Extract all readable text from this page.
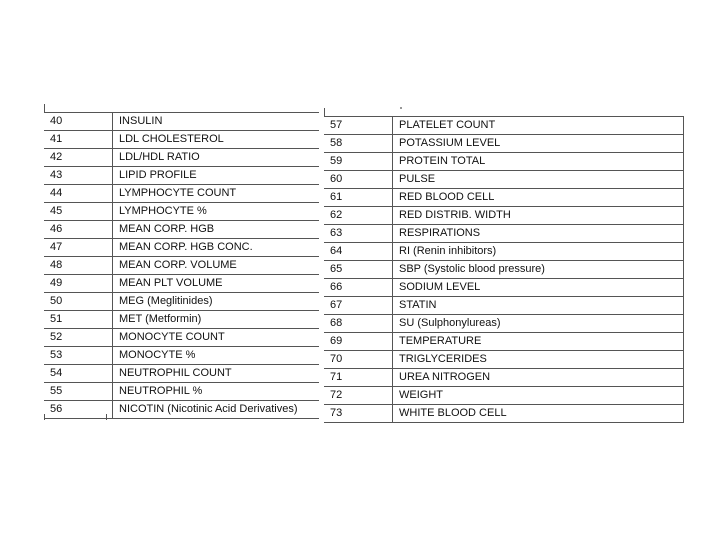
40	INSULIN
41	LDL CHOLESTEROL
42	LDL/HDL RATIO
43	LIPID PROFILE
44	LYMPHOCYTE COUNT
45	LYMPHOCYTE %
46	MEAN CORP. HGB
47	MEAN CORP. HGB CONC.
48	MEAN CORP. VOLUME
49	MEAN PLT VOLUME
50	MEG (Meglitinides)
51	MET (Metformin)
52	MONOCYTE COUNT
53	MONOCYTE %
54	NEUTROPHIL COUNT
55	NEUTROPHIL %
56	NICOTIN (Nicotinic Acid Derivatives)
57	PLATELET COUNT
58	POTASSIUM LEVEL
59	PROTEIN TOTAL
60	PULSE
61	RED BLOOD CELL
62	RED DISTRIB. WIDTH
63	RESPIRATIONS
64	RI (Renin inhibitors)
65	SBP (Systolic blood pressure)
66	SODIUM LEVEL
67	STATIN
68	SU (Sulphonylureas)
69	TEMPERATURE
70	TRIGLYCERIDES
71	UREA NITROGEN
72	WEIGHT
73	WHITE BLOOD CELL
